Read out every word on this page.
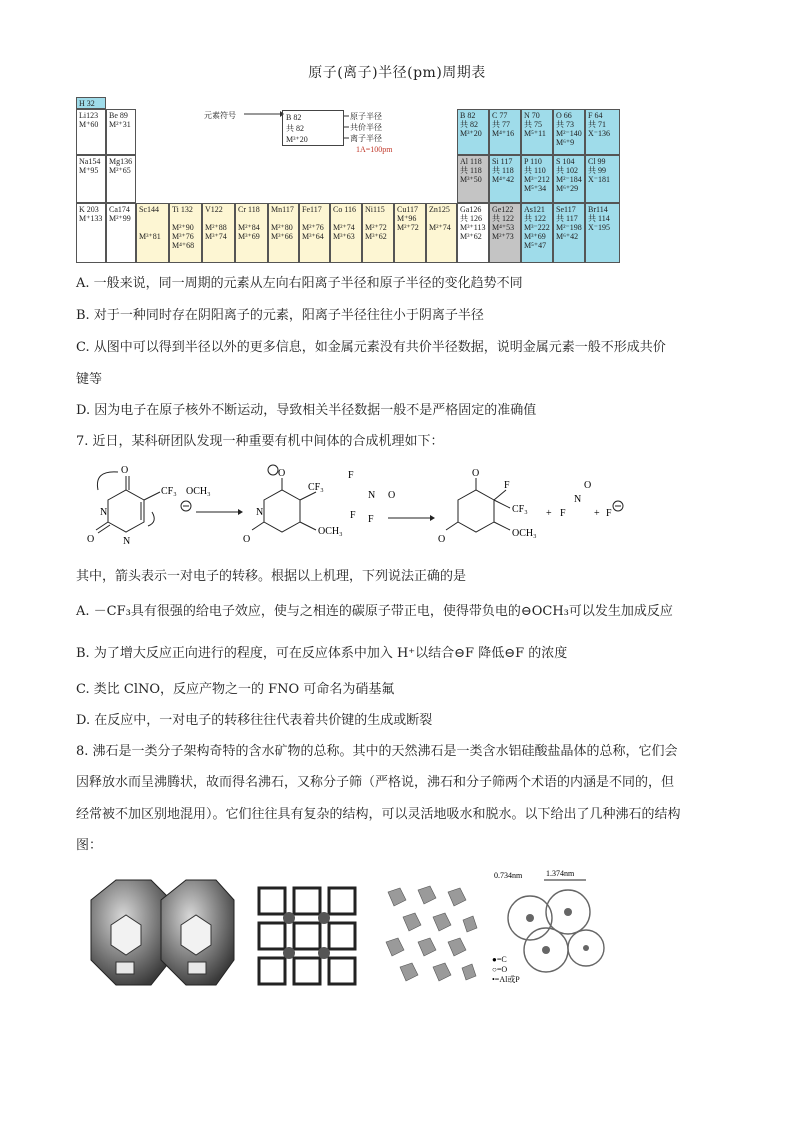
原子(离子)半径(pm)周期表
H 32
Li123
M⁺60
Be 89
M²⁺31
Na154
M⁺95
Mg136
M²⁺65
K 203
M⁺133
Ca174
M²⁺99
Sc144

M³⁺81
Ti 132

M²⁺90
M³⁺76
M⁴⁺68
V122

M²⁺88
M³⁺74
Cr 118

M²⁺84
M³⁺69
Mn117

M²⁺80
M³⁺66
Fe117

M²⁺76
M³⁺64
Co 116

M²⁺74
M³⁺63
Ni115

M²⁺72
M³⁺62
Cu117
M⁺96
M²⁺72
Zn125

M²⁺74
B 82
共 82
M³⁺20
C 77
共 77
M⁴⁺16
N 70
共 75
M⁵⁺11
O 66
共 73
M²⁻140
M⁶⁺9
F 64
共 71
X⁻136
Al 118
共 118
M³⁺50
Si 117
共 118
M⁴⁺42
P 110
共 110
M³⁻212
M⁵⁺34
S 104
共 102
M²⁻184
M⁶⁺29
Cl 99
共 99
X⁻181
Ga126
共 126
M³⁺113
M³⁺62
Ge122
共 122
M⁴⁺53
M²⁺73
As121
共 122
M³⁻222
M³⁺69
M⁵⁺47
Se117
共 117
M²⁻198
M⁶⁺42
Br114
共 114
X⁻195
元素符号	B 82
共 82
M³⁺20
原子半径
共价半径
离子半径
1A=100pm
A. 一般来说，同一周期的元素从左向右阳离子半径和原子半径的变化趋势不同
B. 对于一种同时存在阴阳离子的元素，阳离子半径往往小于阴离子半径
C. 从图中可以得到半径以外的更多信息，如金属元素没有共价半径数据，说明金属元素一般不形成共价
键等
D. 因为电子在原子核外不断运动，导致相关半径数据一般不是严格固定的准确值
7. 近日，某科研团队发现一种重要有机中间体的合成机理如下：
O
O
CF₃
N
N
OCH₃
O
O
CF₃
OCH₃
N
F
N O
F F
O
O
F
CF₃
OCH₃
+ F
N
O
+ F
其中，箭头表示一对电子的转移。根据以上机理，下列说法正确的是
A. －CF₃具有很强的给电子效应，使与之相连的碳原子带正电，使得带负电的⊖OCH₃可以发生加成反应
B. 为了增大反应正向进行的程度，可在反应体系中加入 H⁺以结合⊖F 降低⊖F 的浓度
C. 类比 ClNO，反应产物之一的 FNO 可命名为硝基氟
D. 在反应中，一对电子的转移往往代表着共价键的生成或断裂
8. 沸石是一类分子架构奇特的含水矿物的总称。其中的天然沸石是一类含水铝硅酸盐晶体的总称，它们会
因释放水而呈沸腾状，故而得名沸石，又称分子筛（严格说，沸石和分子筛两个术语的内涵是不同的，但
经常被不加区别地混用）。它们往往具有复杂的结构，可以灵活地吸水和脱水。以下给出了几种沸石的结构
图：
0.734nm	1.374nm
●=C
○=O
•=Al或P
